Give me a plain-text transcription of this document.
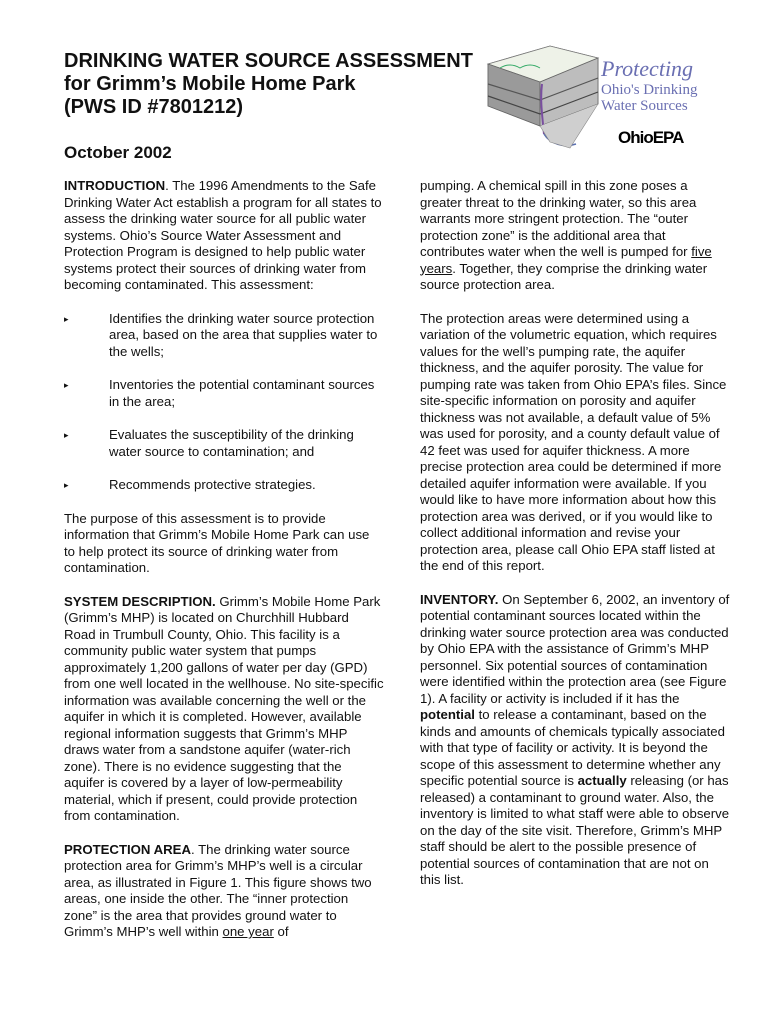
DRINKING WATER SOURCE ASSESSMENT
for Grimm’s Mobile Home Park
(PWS ID #7801212)
October 2002
Protecting
Ohio's Drinking
Water Sources
OhioEPA

INTRODUCTION. The 1996 Amendments to the Safe Drinking Water Act establish a program for all states to assess the drinking water source for all public water systems. Ohio’s Source Water Assessment and Protection Program is designed to help public water systems protect their sources of drinking water from becoming contaminated. This assessment:

▸	Identifies the drinking water source protection area, based on the area that supplies water to the wells;
▸	Inventories the potential contaminant sources in the area;
▸	Evaluates the susceptibility of the drinking water source to contamination; and
▸	Recommends protective strategies.

The purpose of this assessment is to provide information that Grimm’s Mobile Home Park can use to help protect its source of drinking water from contamination.

SYSTEM DESCRIPTION. Grimm’s Mobile Home Park (Grimm’s MHP) is located on Churchhill Hubbard Road in Trumbull County, Ohio. This facility is a community public water system that pumps approximately 1,200 gallons of water per day (GPD) from one well located in the wellhouse. No site-specific information was available concerning the well or the aquifer in which it is completed. However, available regional information suggests that Grimm’s MHP draws water from a sandstone aquifer (water-rich zone). There is no evidence suggesting that the aquifer is covered by a layer of low-permeability material, which if present, could provide protection from contamination.

PROTECTION AREA. The drinking water source protection area for Grimm’s MHP’s well is a circular area, as illustrated in Figure 1. This figure shows two areas, one inside the other. The “inner protection zone” is the area that provides ground water to Grimm’s MHP’s well within one year of

pumping. A chemical spill in this zone poses a greater threat to the drinking water, so this area warrants more stringent protection. The “outer protection zone” is the additional area that contributes water when the well is pumped for five years. Together, they comprise the drinking water source protection area.

The protection areas were determined using a variation of the volumetric equation, which requires values for the well’s pumping rate, the aquifer thickness, and the aquifer porosity. The value for pumping rate was taken from Ohio EPA’s files. Since site-specific information on porosity and aquifer thickness was not available, a default value of 5% was used for porosity, and a county default value of 42 feet was used for aquifer thickness. A more precise protection area could be determined if more detailed aquifer information were available. If you would like to have more information about how this protection area was derived, or if you would like to collect additional information and revise your protection area, please call Ohio EPA staff listed at the end of this report.

INVENTORY. On September 6, 2002, an inventory of potential contaminant sources located within the drinking water source protection area was conducted by Ohio EPA with the assistance of Grimm’s MHP personnel. Six potential sources of contamination were identified within the protection area (see Figure 1). A facility or activity is included if it has the potential to release a contaminant, based on the kinds and amounts of chemicals typically associated with that type of facility or activity. It is beyond the scope of this assessment to determine whether any specific potential source is actually releasing (or has released) a contaminant to ground water. Also, the inventory is limited to what staff were able to observe on the day of the site visit. Therefore, Grimm’s MHP staff should be alert to the possible presence of potential sources of contamination that are not on this list.
